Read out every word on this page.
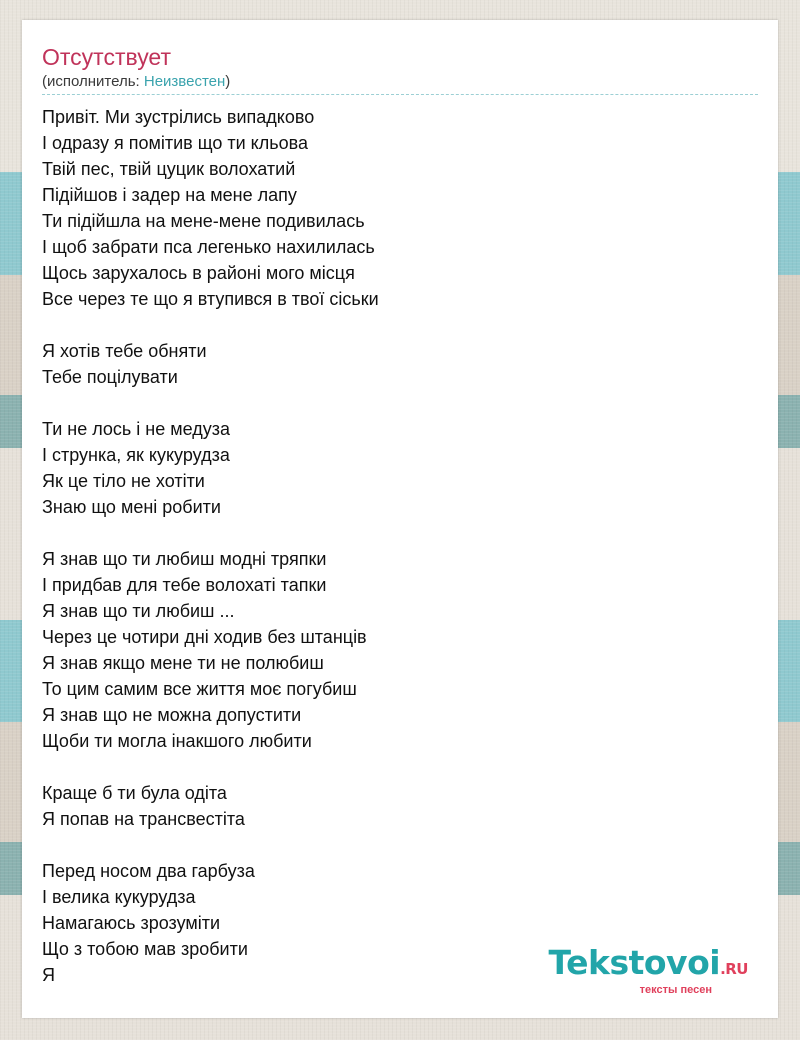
Отсутствует
(исполнитель: Неизвестен)
Привіт. Ми зустрілись випадково
І одразу я помітив що ти кльова
Твій пес, твій цуцик волохатий
Підійшов і задер на мене лапу
Ти підійшла на мене-мене подивилась
І щоб забрати пса легенько нахилилась
Щось зарухалось в районі мого місця
Все через те що я втупився в твої сіськи
Я хотів тебе обняти
Тебе поцілувати
Ти не лось і не медуза
І струнка, як кукурудза
Як це тіло не хотіти
Знаю що мені робити
Я знав що ти любиш модні тряпки
І придбав для тебе волохаті тапки
Я знав що ти любиш ...
Через це чотири дні ходив без штанців
Я знав якщо мене ти не полюбиш
То цим самим все життя моє погубиш
Я знав що не можна допустити
Щоби ти могла інакшого любити
Краще б ти була одіта
Я попав на трансвестіта
Перед носом два гарбуза
І велика кукурудза
Намагаюсь зрозуміти
Що з тобою мав зробити
Я	Tekstovoi.RU
тексты песен
